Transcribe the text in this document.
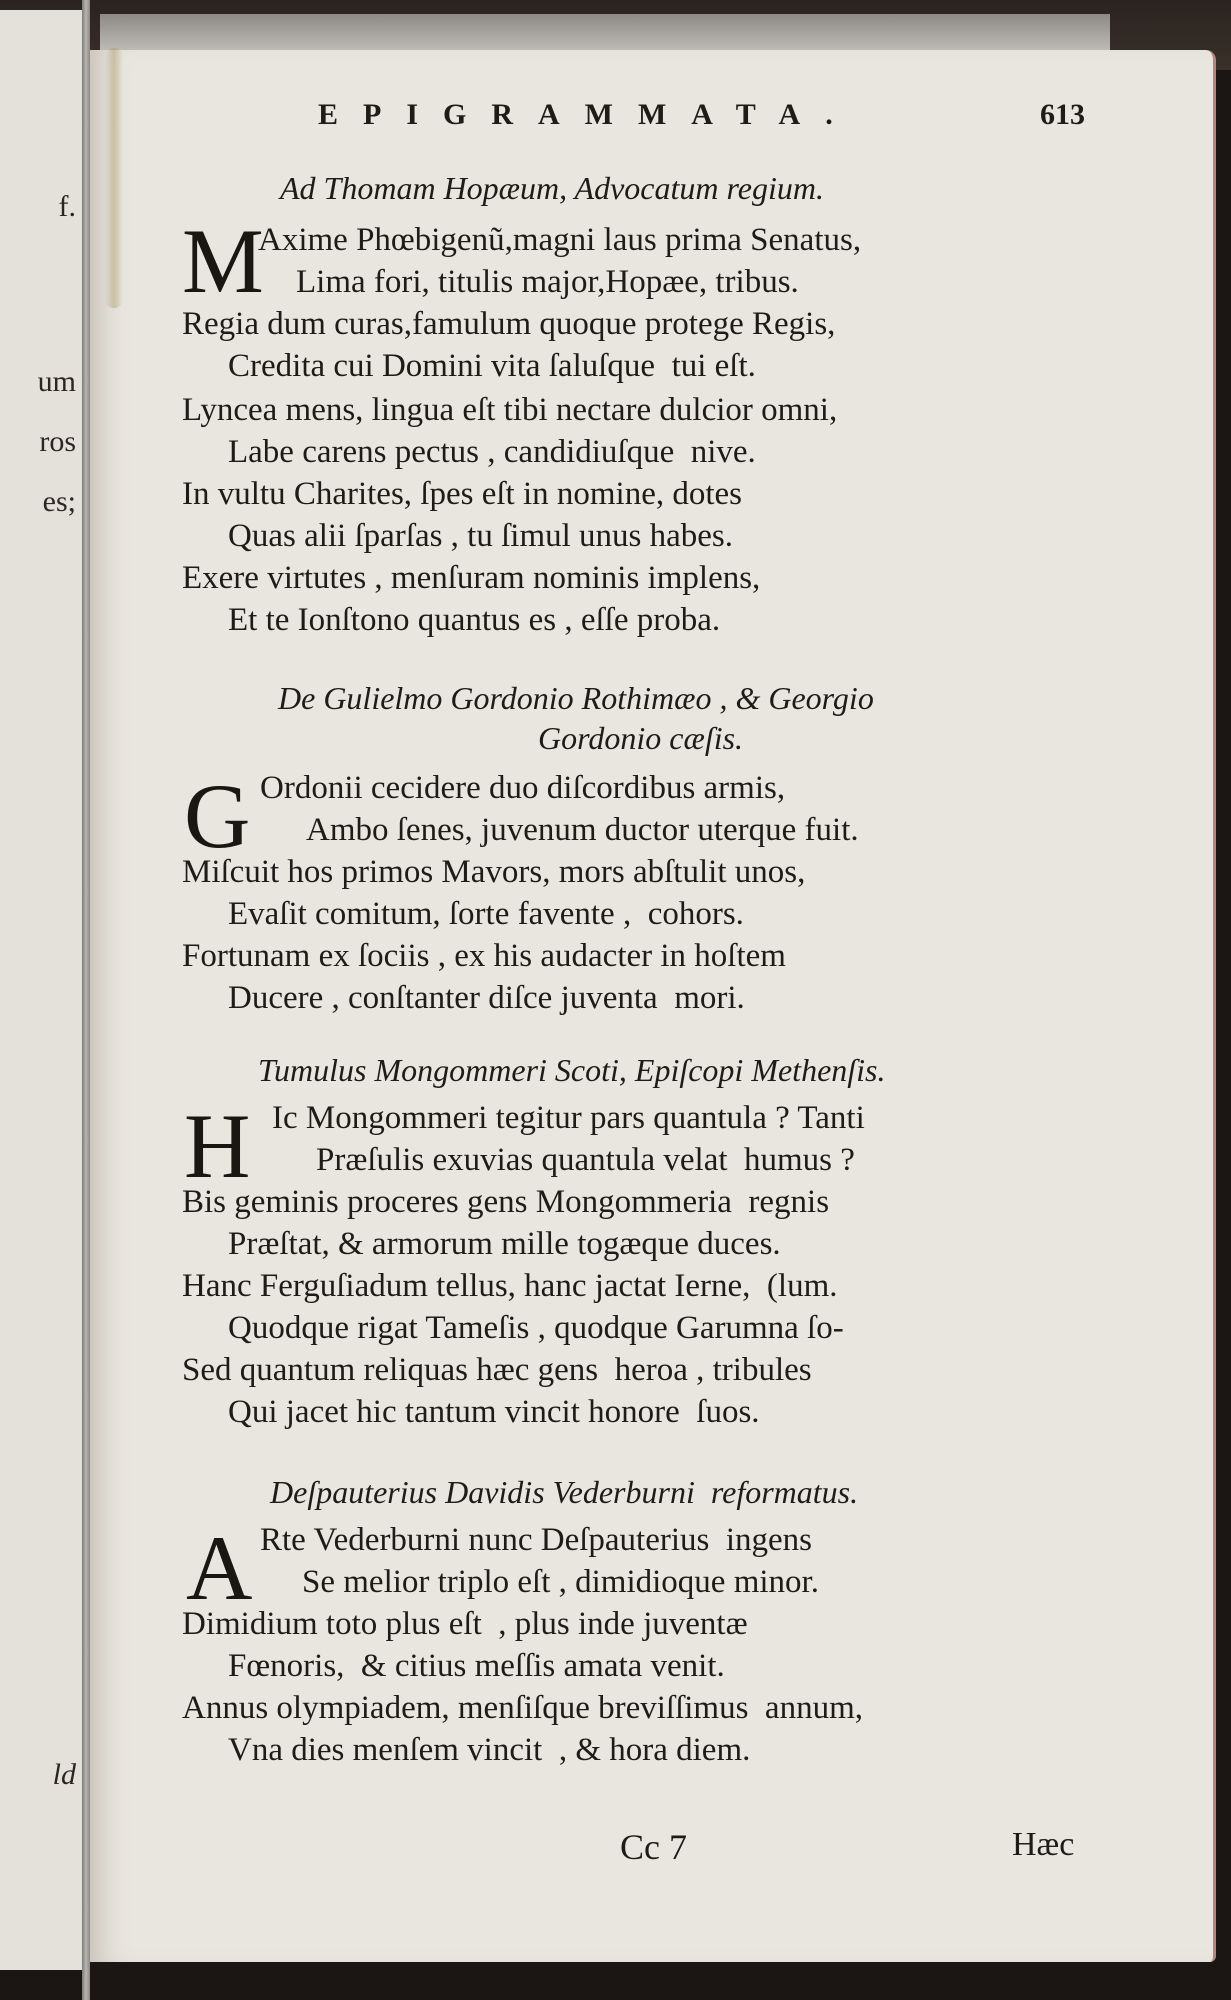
f.
um
ros
es;
ld
EPIGRAMMATA.	613
Ad Thomam Hopæum, Advocatum regium.
M
Axime Phœbigenũ,magni laus prima Senatus,
Lima fori, titulis major,Hopæe, tribus.
Regia dum curas,famulum quoque protege Regis,
Credita cui Domini vita ſaluſque  tui eſt.
Lyncea mens, lingua eſt tibi nectare dulcior omni,
Labe carens pectus , candidiuſque  nive.
In vultu Charites, ſpes eſt in nomine, dotes
Quas alii ſparſas , tu ſimul unus habes.
Exere virtutes , menſuram nominis implens,
Et te Ionſtono quantus es , eſſe proba.
De Gulielmo Gordonio Rothimæo , & Georgio
Gordonio cæſis.
G Ordonii cecidere duo diſcordibus armis,
Ambo ſenes, juvenum ductor uterque fuit.
Miſcuit hos primos Mavors, mors abſtulit unos,
Evaſit comitum, ſorte favente ,  cohors.
Fortunam ex ſociis , ex his audacter in hoſtem
Ducere , conſtanter diſce juventa  mori.
Tumulus Mongommeri Scoti, Epiſcopi Methenſis.
H Ic Mongommeri tegitur pars quantula ? Tanti
Præſulis exuvias quantula velat  humus ?
Bis geminis proceres gens Mongommeria  regnis
Præſtat, & armorum mille togæque duces.
Hanc Ferguſiadum tellus, hanc jactat Ierne,  (lum.
Quodque rigat Tameſis , quodque Garumna ſo-
Sed quantum reliquas hæc gens  heroa , tribules
Qui jacet hic tantum vincit honore  ſuos.
Deſpauterius Davidis Vederburni  reformatus.
A Rte Vederburni nunc Deſpauterius  ingens
Se melior triplo eſt , dimidioque minor.
Dimidium toto plus eſt  , plus inde juventæ
Fœnoris,  & citius meſſis amata venit.
Annus olympiadem, menſiſque breviſſimus  annum,
Vna dies menſem vincit  , & hora diem.
Cc 7	Hæc
